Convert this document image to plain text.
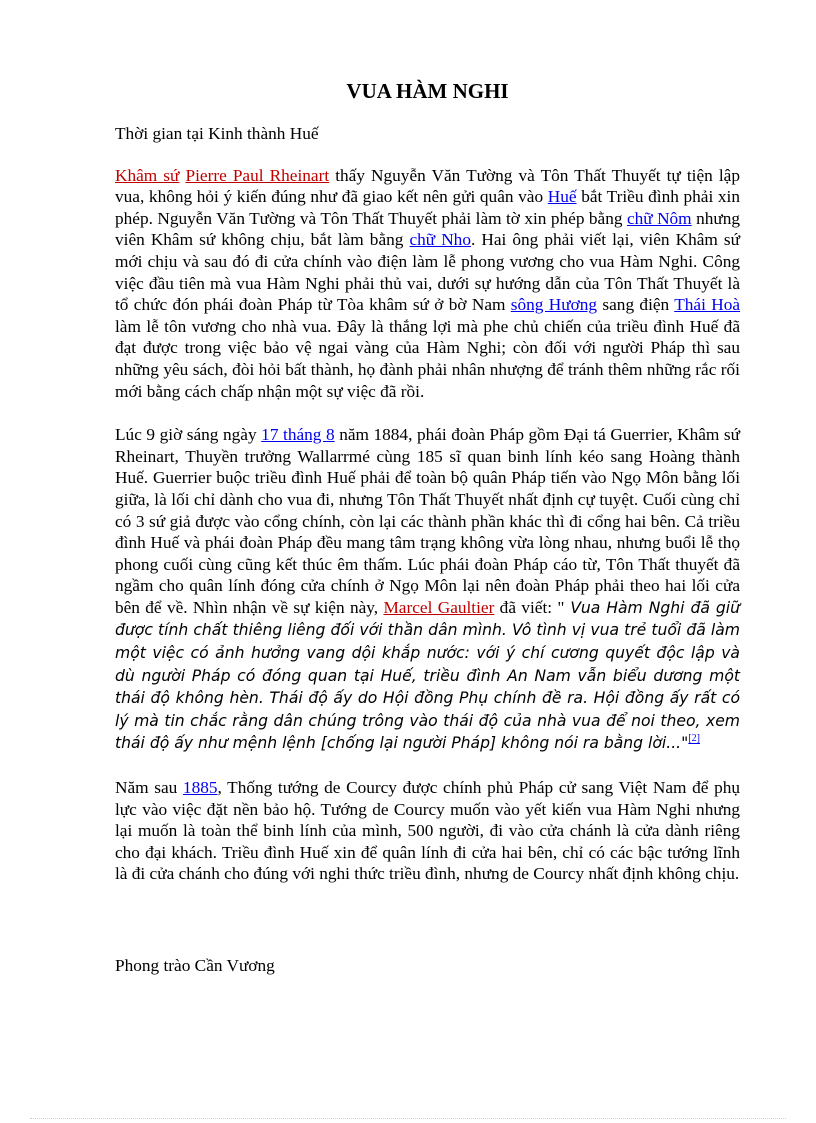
VUA HÀM NGHI
Thời gian tại Kinh thành Huế

Khâm sứ Pierre Paul Rheinart thấy Nguyễn Văn Tường và Tôn Thất Thuyết tự tiện lập vua, không hỏi ý kiến đúng như đã giao kết nên gửi quân vào Huế bắt Triều đình phải xin phép. Nguyễn Văn Tường và Tôn Thất Thuyết phải làm tờ xin phép bằng chữ Nôm nhưng viên Khâm sứ không chịu, bắt làm bằng chữ Nho. Hai ông phải viết lại, viên Khâm sứ mới chịu và sau đó đi cửa chính vào điện làm lễ phong vương cho vua Hàm Nghi. Công việc đầu tiên mà vua Hàm Nghi phải thủ vai, dưới sự hướng dẫn của Tôn Thất Thuyết là tổ chức đón phái đoàn Pháp từ Tòa khâm sứ ở bờ Nam sông Hương sang điện Thái Hoà làm lễ tôn vương cho nhà vua. Đây là thắng lợi mà phe chủ chiến của triều đình Huế đã đạt được trong việc bảo vệ ngai vàng của Hàm Nghi; còn đối với người Pháp thì sau những yêu sách, đòi hỏi bất thành, họ đành phải nhân nhượng để tránh thêm những rắc rối mới bằng cách chấp nhận một sự việc đã rồi.

Lúc 9 giờ sáng ngày 17 tháng 8 năm 1884, phái đoàn Pháp gồm Đại tá Guerrier, Khâm sứ Rheinart, Thuyền trưởng Wallarrmé cùng 185 sĩ quan binh lính kéo sang Hoàng thành Huế. Guerrier buộc triều đình Huế phải để toàn bộ quân Pháp tiến vào Ngọ Môn bằng lối giữa, là lối chỉ dành cho vua đi, nhưng Tôn Thất Thuyết nhất định cự tuyệt. Cuối cùng chỉ có 3 sứ giả được vào cổng chính, còn lại các thành phần khác thì đi cổng hai bên. Cả triều đình Huế và phái đoàn Pháp đều mang tâm trạng không vừa lòng nhau, nhưng buổi lễ thọ phong cuối cùng cũng kết thúc êm thấm. Lúc phái đoàn Pháp cáo từ, Tôn Thất thuyết đã ngầm cho quân lính đóng cửa chính ở Ngọ Môn lại nên đoàn Pháp phải theo hai lối cửa bên để về. Nhìn nhận về sự kiện này, Marcel Gaultier đã viết: " Vua Hàm Nghi đã giữ được tính chất thiêng liêng đối với thần dân mình. Vô tình vị vua trẻ tuổi đã làm một việc có ảnh hưởng vang dội khắp nước: với ý chí cương quyết độc lập và dù người Pháp có đóng quan tại Huế, triều đình An Nam vẫn biểu dương một thái độ không hèn. Thái độ ấy do Hội đồng Phụ chính đề ra. Hội đồng ấy rất có lý mà tin chắc rằng dân chúng trông vào thái độ của nhà vua để noi theo, xem thái độ ấy như mệnh lệnh [chống lại người Pháp] không nói ra bằng lời..."[2]

Năm sau 1885, Thống tướng de Courcy được chính phủ Pháp cử sang Việt Nam để phụ lực vào việc đặt nền bảo hộ. Tướng de Courcy muốn vào yết kiến vua Hàm Nghi nhưng lại muốn là toàn thể binh lính của mình, 500 người, đi vào cửa chánh là cửa dành riêng cho đại khách. Triều đình Huế xin để quân lính đi cửa hai bên, chỉ có các bậc tướng lĩnh là đi cửa chánh cho đúng với nghi thức triều đình, nhưng de Courcy nhất định không chịu.

Phong trào Cần Vương
